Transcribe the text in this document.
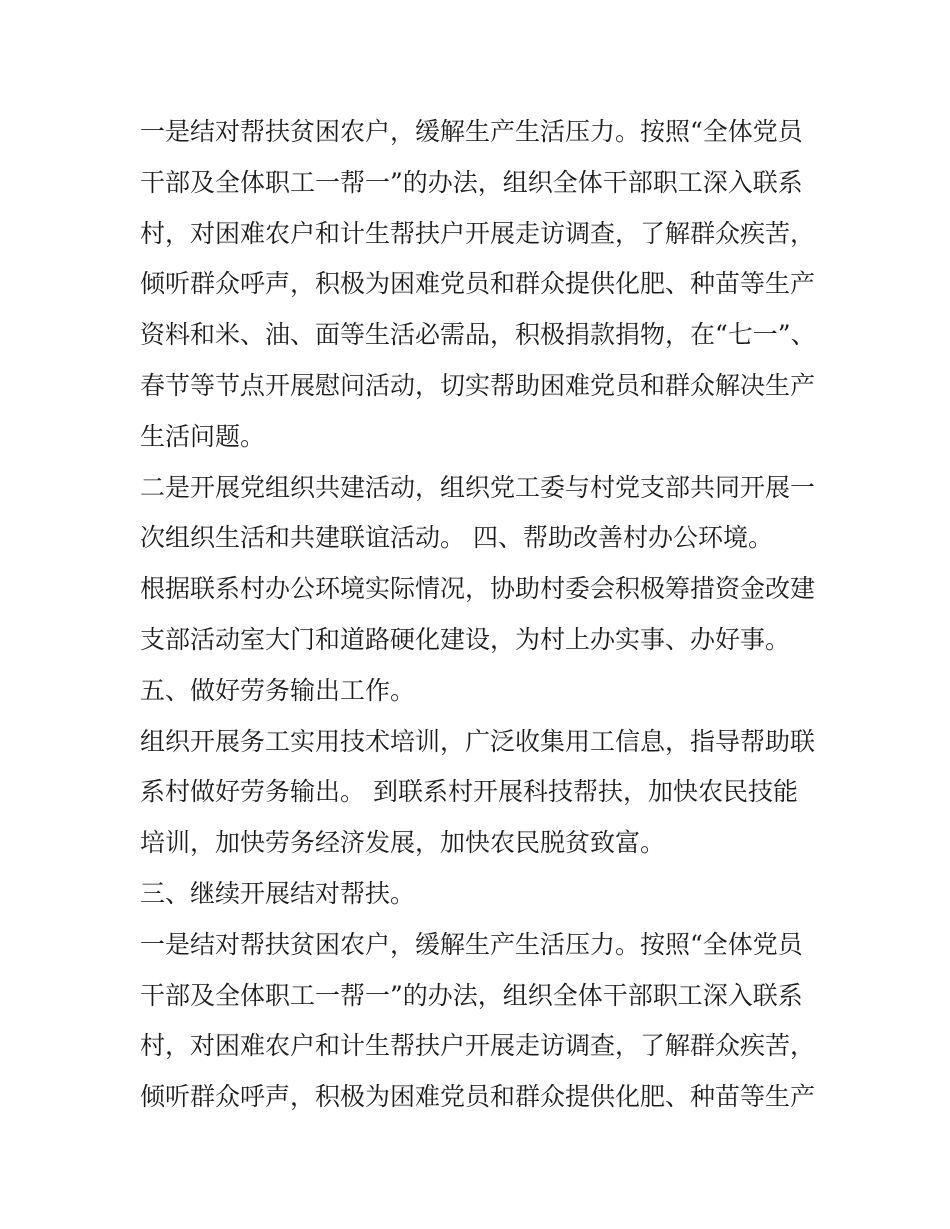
一是结对帮扶贫困农户，缓解生产生活压力。按照“全体党员
干部及全体职工一帮一”的办法，组织全体干部职工深入联系
村，对困难农户和计生帮扶户开展走访调查，了解群众疾苦，
倾听群众呼声，积极为困难党员和群众提供化肥、种苗等生产
资料和米、油、面等生活必需品，积极捐款捐物，在“七一”、
春节等节点开展慰问活动，切实帮助困难党员和群众解决生产
生活问题。
二是开展党组织共建活动，组织党工委与村党支部共同开展一
次组织生活和共建联谊活动。 四、帮助改善村办公环境。
根据联系村办公环境实际情况，协助村委会积极筹措资金改建
支部活动室大门和道路硬化建设，为村上办实事、办好事。
五、做好劳务输出工作。
组织开展务工实用技术培训，广泛收集用工信息，指导帮助联
系村做好劳务输出。 到联系村开展科技帮扶，加快农民技能
培训，加快劳务经济发展，加快农民脱贫致富。
三、继续开展结对帮扶。
一是结对帮扶贫困农户，缓解生产生活压力。按照“全体党员
干部及全体职工一帮一”的办法，组织全体干部职工深入联系
村，对困难农户和计生帮扶户开展走访调查，了解群众疾苦，
倾听群众呼声，积极为困难党员和群众提供化肥、种苗等生产
